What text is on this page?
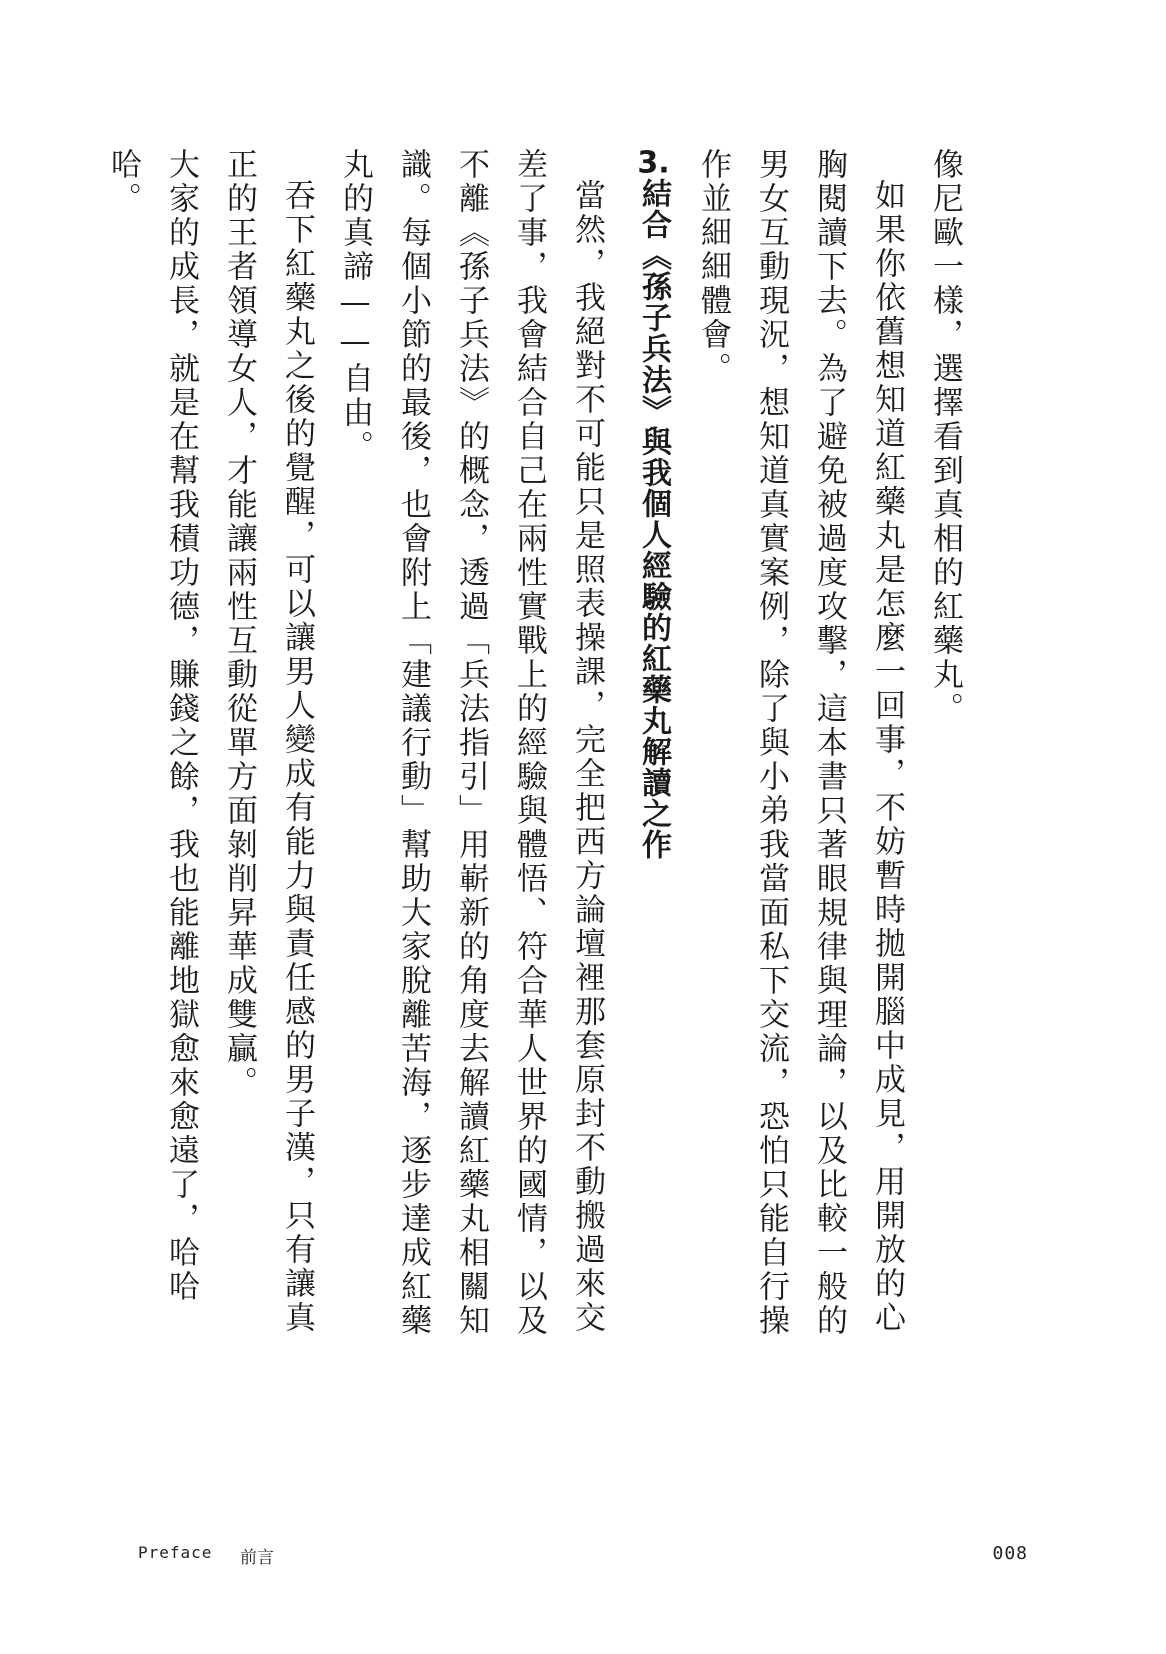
像尼歐一樣，選擇看到真相的紅藥丸。

如果你依舊想知道紅藥丸是怎麼一回事，不妨暫時拋開腦中成見，用開放的心胸閱讀下去。為了避免被過度攻擊，這本書只著眼規律與理論，以及比較一般的男女互動現況，想知道真實案例，除了與小弟我當面私下交流，恐怕只能自行操作並細細體會。

3.結合《孫子兵法》與我個人經驗的紅藥丸解讀之作

當然，我絕對不可能只是照表操課，完全把西方論壇裡那套原封不動搬過來交差了事，我會結合自己在兩性實戰上的經驗與體悟、符合華人世界的國情，以及不離《孫子兵法》的概念，透過「兵法指引」用嶄新的角度去解讀紅藥丸相關知識。每個小節的最後，也會附上「建議行動」幫助大家脫離苦海，逐步達成紅藥丸的真諦——自由。

吞下紅藥丸之後的覺醒，可以讓男人變成有能力與責任感的男子漢，只有讓真正的王者領導女人，才能讓兩性互動從單方面剝削昇華成雙贏。

大家的成長，就是在幫我積功德，賺錢之餘，我也能離地獄愈來愈遠了，哈哈哈。

Preface 前言	008
